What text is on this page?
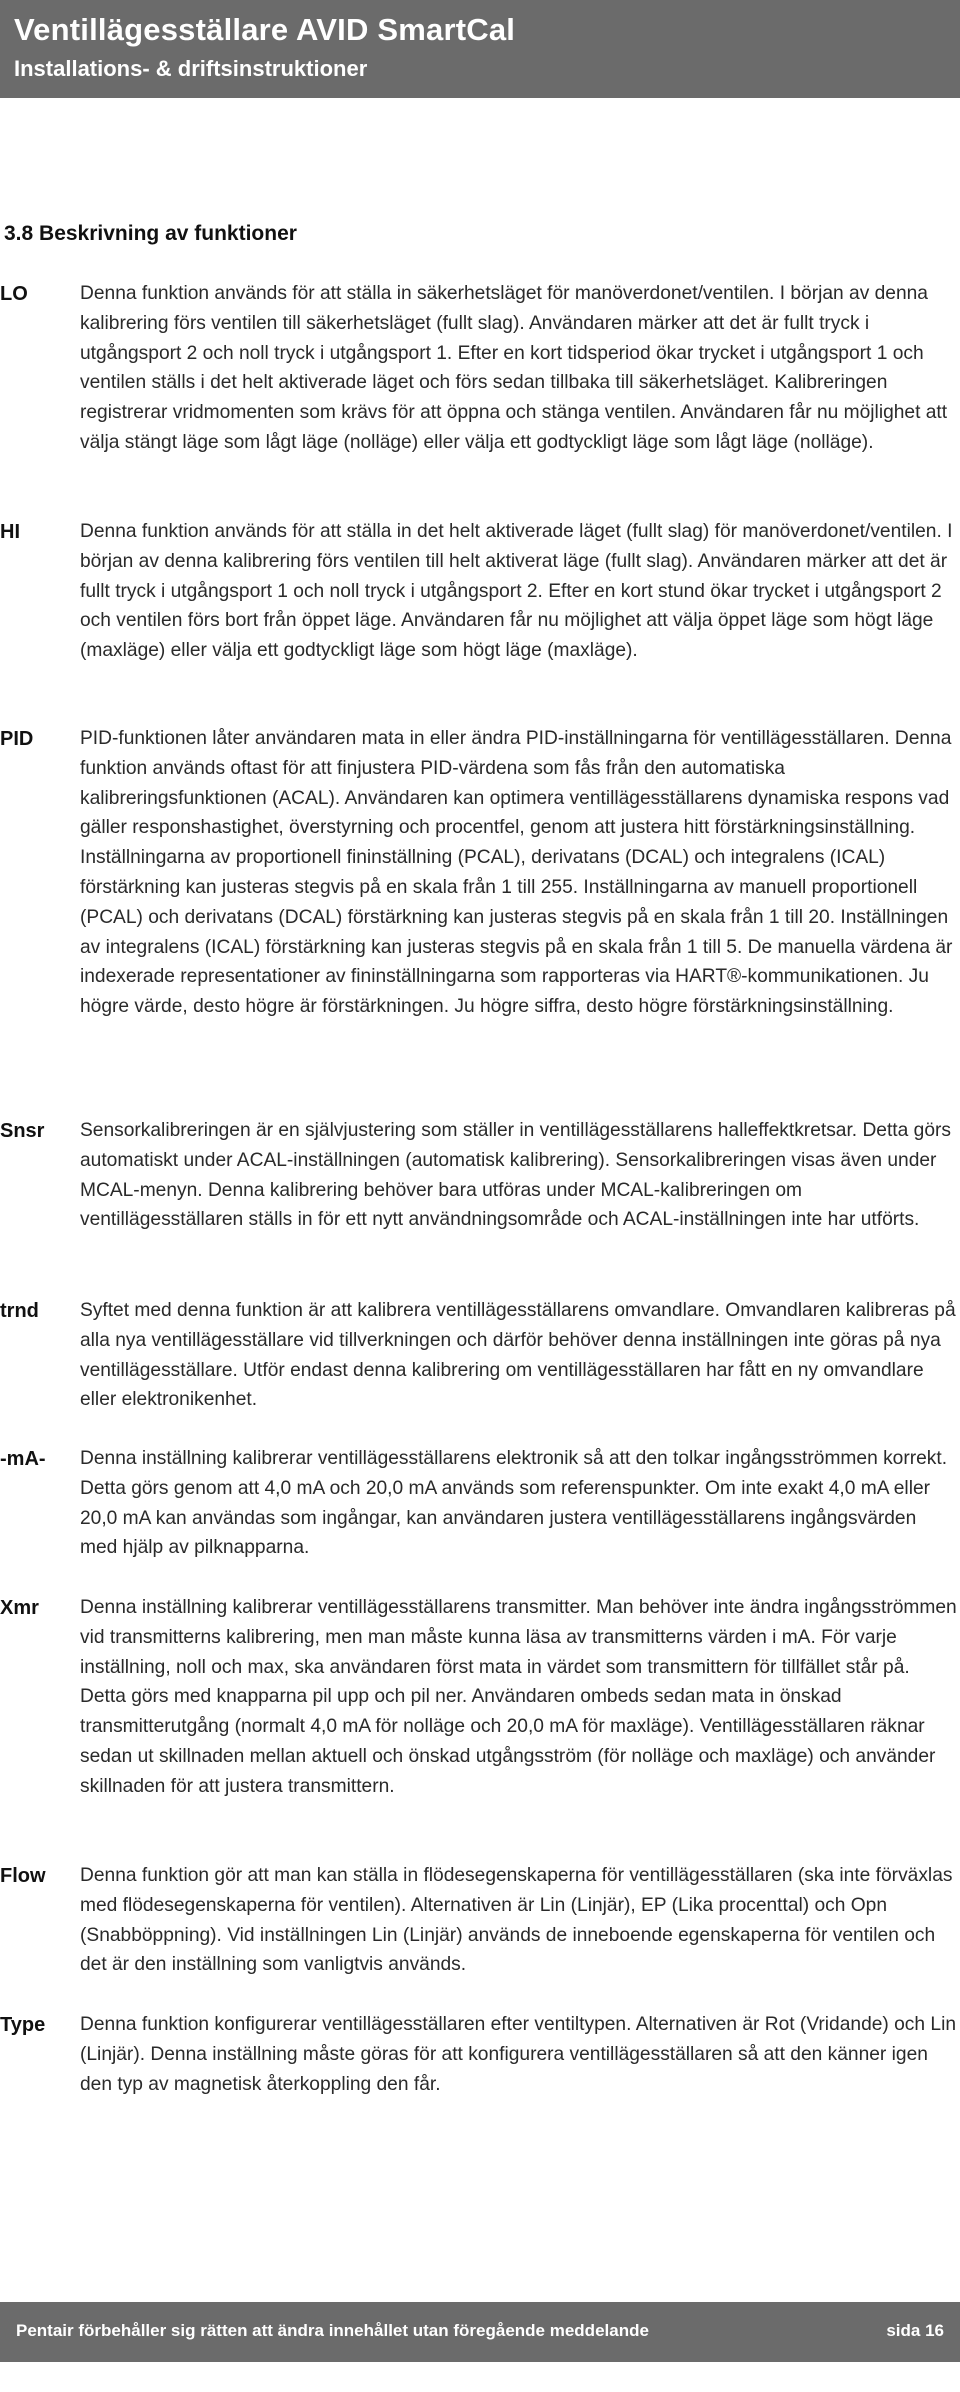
Ventillägesställare AVID SmartCal
Installations- & driftsinstruktioner
3.8 Beskrivning av funktioner
LO	Denna funktion används för att ställa in säkerhetsläget för manöverdonet/ventilen. I början av denna kalibrering förs ventilen till säkerhetsläget (fullt slag). Användaren märker att det är fullt tryck i utgångsport 2 och noll tryck i utgångsport 1. Efter en kort tidsperiod ökar trycket i utgångsport 1 och ventilen ställs i det helt aktiverade läget och förs sedan tillbaka till säkerhetsläget. Kalibreringen registrerar vridmomenten som krävs för att öppna och stänga ventilen. Användaren får nu möjlighet att välja stängt läge som lågt läge (nolläge) eller välja ett godtyckligt läge som lågt läge (nolläge).
HI	Denna funktion används för att ställa in det helt aktiverade läget (fullt slag) för manöverdonet/ventilen. I början av denna kalibrering förs ventilen till helt aktiverat läge (fullt slag). Användaren märker att det är fullt tryck i utgångsport 1 och noll tryck i utgångsport 2. Efter en kort stund ökar trycket i utgångsport 2 och ventilen förs bort från öppet läge. Användaren får nu möjlighet att välja öppet läge som högt läge (maxläge) eller välja ett godtyckligt läge som högt läge (maxläge).
PID	PID-funktionen låter användaren mata in eller ändra PID-inställningarna för ventillägesställaren. Denna funktion används oftast för att finjustera PID-värdena som fås från den automatiska kalibreringsfunktionen (ACAL). Användaren kan optimera ventillägesställarens dynamiska respons vad gäller responshastighet, överstyrning och procentfel, genom att justera hitt förstärkningsinställning. Inställningarna av proportionell fininställning (PCAL), derivatans (DCAL) och integralens (ICAL) förstärkning kan justeras stegvis på en skala från 1 till 255. Inställningarna av manuell proportionell (PCAL) och derivatans (DCAL) förstärkning kan justeras stegvis på en skala från 1 till 20. Inställningen av integralens (ICAL) förstärkning kan justeras stegvis på en skala från 1 till 5. De manuella värdena är indexerade representationer av fininställningarna som rapporteras via HART®-kommunikationen. Ju högre värde, desto högre är förstärkningen. Ju högre siffra, desto högre förstärkningsinställning.
Snsr	Sensorkalibreringen är en självjustering som ställer in ventillägesställarens halleffektkretsar. Detta görs automatiskt under ACAL-inställningen (automatisk kalibrering). Sensorkalibreringen visas även under MCAL-menyn. Denna kalibrering behöver bara utföras under MCAL-kalibreringen om ventillägesställaren ställs in för ett nytt användningsområde och ACAL-inställningen inte har utförts.
trnd	Syftet med denna funktion är att kalibrera ventillägesställarens omvandlare. Omvandlaren kalibreras på alla nya ventillägesställare vid tillverkningen och därför behöver denna inställningen inte göras på nya ventillägesställare. Utför endast denna kalibrering om ventillägesställaren har fått en ny omvandlare eller elektronikenhet.
-mA-	Denna inställning kalibrerar ventillägesställarens elektronik så att den tolkar ingångsströmmen korrekt. Detta görs genom att 4,0 mA och 20,0 mA används som referenspunkter. Om inte exakt 4,0 mA eller 20,0 mA kan användas som ingångar, kan användaren justera ventillägesställarens ingångsvärden med hjälp av pilknapparna.
Xmr	Denna inställning kalibrerar ventillägesställarens transmitter. Man behöver inte ändra ingångsströmmen vid transmitterns kalibrering, men man måste kunna läsa av transmitterns värden i mA. För varje inställning, noll och max, ska användaren först mata in värdet som transmittern för tillfället står på. Detta görs med knapparna pil upp och pil ner. Användaren ombeds sedan mata in önskad transmitterutgång (normalt 4,0 mA för nolläge och 20,0 mA för maxläge). Ventillägesställaren räknar sedan ut skillnaden mellan aktuell och önskad utgångsström (för nolläge och maxläge) och använder skillnaden för att justera transmittern.
Flow	Denna funktion gör att man kan ställa in flödesegenskaperna för ventillägesställaren (ska inte förväxlas med flödesegenskaperna för ventilen). Alternativen är Lin (Linjär), EP (Lika procenttal) och Opn (Snabböppning). Vid inställningen Lin (Linjär) används de inneboende egenskaperna för ventilen och det är den inställning som vanligtvis används.
Type	Denna funktion konfigurerar ventillägesställaren efter ventiltypen. Alternativen är Rot (Vridande) och Lin (Linjär). Denna inställning måste göras för att konfigurera ventillägesställaren så att den känner igen den typ av magnetisk återkoppling den får.
Pentair förbehåller sig rätten att ändra innehållet utan föregående meddelande	sida 16
